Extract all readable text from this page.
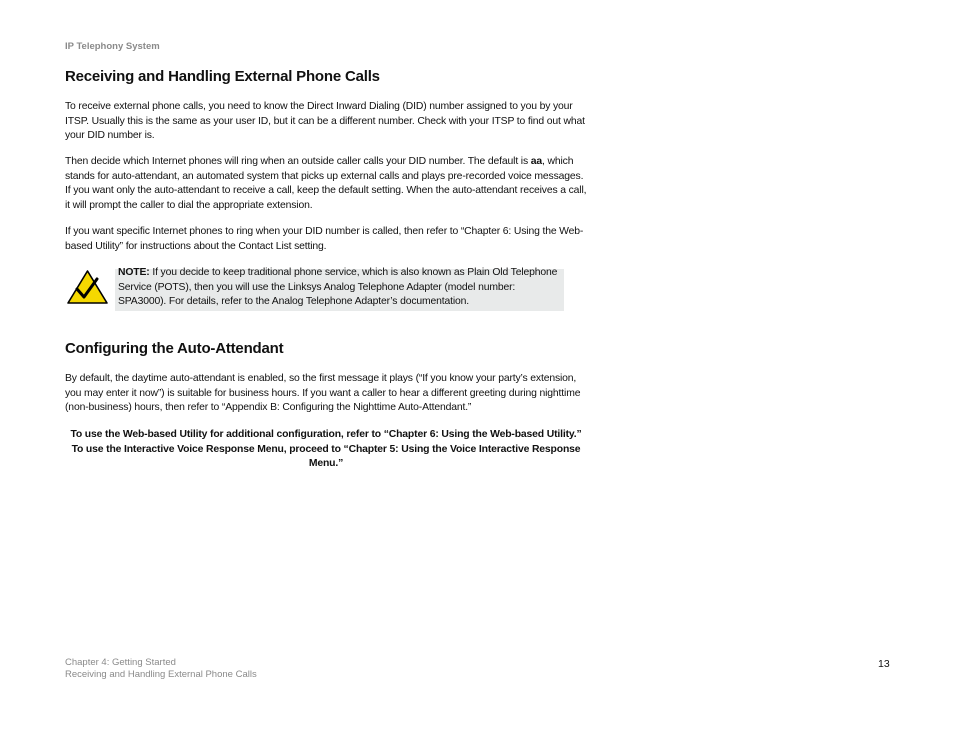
IP Telephony System
Receiving and Handling External Phone Calls

To receive external phone calls, you need to know the Direct Inward Dialing (DID) number assigned to you by your ITSP. Usually this is the same as your user ID, but it can be a different number. Check with your ITSP to find out what your DID number is.

Then decide which Internet phones will ring when an outside caller calls your DID number. The default is aa, which stands for auto-attendant, an automated system that picks up external calls and plays pre-recorded voice messages. If you want only the auto-attendant to receive a call, keep the default setting. When the auto-attendant receives a call, it will prompt the caller to dial the appropriate extension.

If you want specific Internet phones to ring when your DID number is called, then refer to “Chapter 6: Using the Web-based Utility” for instructions about the Contact List setting.

NOTE: If you decide to keep traditional phone service, which is also known as Plain Old Telephone Service (POTS), then you will use the Linksys Analog Telephone Adapter (model number: SPA3000). For details, refer to the Analog Telephone Adapter’s documentation.

Configuring the Auto-Attendant

By default, the daytime auto-attendant is enabled, so the first message it plays (“If you know your party’s extension, you may enter it now”) is suitable for business hours. If you want a caller to hear a different greeting during nighttime (non-business) hours, then refer to “Appendix B: Configuring the Nighttime Auto-Attendant.”

To use the Web-based Utility for additional configuration, refer to “Chapter 6: Using the Web-based Utility.” To use the Interactive Voice Response Menu, proceed to “Chapter 5: Using the Voice Interactive Response Menu.”

Chapter 4: Getting Started
Receiving and Handling External Phone Calls
13
